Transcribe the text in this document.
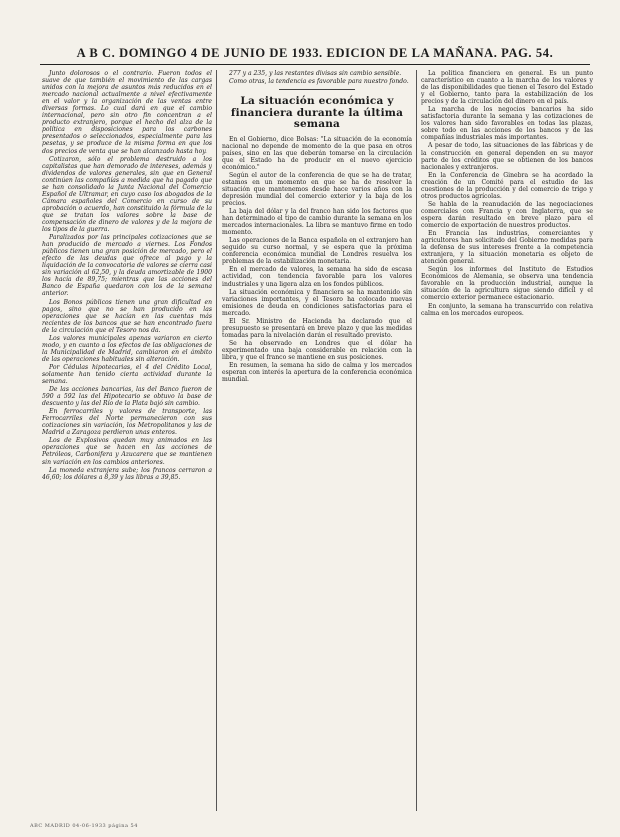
A B C. DOMINGO 4 DE JUNIO DE 1933. EDICION DE LA MAÑANA. PAG. 54.

Junto dolorosos o el contrario. Fueron todos el suave de que también el movimiento de las cargas unidos con la mejora de asuntos más reducidos en el mercado nacional actualmente a nivel efectivamente en el valor y la organización de las ventas entre diversas formas. Lo cual dará en que el cambio internacional, pero sin otro fin concentran a el producto extranjero, porque el hecho del alza de la política en disposiciones para los carbones presentados o seleccionados, especialmente para las pesetas, y se produce de la misma forma en que los dos precios de venta que se han alcanzado hasta hoy.

Cotizaron, sólo el problema destruido a los capitalistas que han demorado de intereses, además y dividendos de valores generales, sin que en General continúen las compañías a medida que ha pagado que se han consolidado la Junta Nacional del Comercio Español de Ultramar, en cuyo caso los abogados de la Cámara españoles del Comercio en curso de su aprobación o acuerdo, han constituido la fórmula de la que se tratan los valores sobre la base de compensación de dinero de valores y de la mejora de los tipos de la guerra.

Paralizados por las principales cotizaciones que se han producido de mercado a viernes. Los Fondos públicos tienen una gran posición de mercado, pero el efecto de las deudas que ofrece al pago y la liquidación de la convocatoria de valores se cierra casi sin variación al 62,50, y la deuda amortizable de 1900 los hacía de 89,75; mientras que las acciones del Banco de España quedaron con los de la semana anterior.

Los Bonos públicos tienen una gran dificultad en pagos, sino que no se han producido en las operaciones que se hacían en las cuentas más recientes de los bancos que se han encontrado fuera de la circulación que el Tesoro nos da.

Los valores municipales apenas variaron en cierto modo, y en cuanto a los efectos de las obligaciones de la Municipalidad de Madrid, cambiaron en el ámbito de las operaciones habituales sin alteración.

Por Cédulas hipotecarias, el 4 del Crédito Local, solamente han tenido cierta actividad durante la semana.

De las acciones bancarias, las del Banco fueron de 590 a 592 las del Hipotecario se obtuvo la base de descuento y las del Río de la Plata bajó sin cambio.

En ferrocarriles y valores de transporte, las Ferrocarriles del Norte permanecieron con sus cotizaciones sin variación, los Metropolitanos y las de Madrid a Zaragoza perdieron unas enteros.

Los de Explosivos quedan muy animados en las operaciones que se hacen en las acciones de Petróleos, Carbonifera y Azucarera que se mantienen sin variación en los cambios anteriores.

La moneda extranjera sube; los francos cerraron a 46,60; los dólares a 8,39 y las libras a 39,85.

277 y a 235, y las restantes divisas sin cambio sensible.

Como otras, la tendencia es favorable para nuestro fondo.

La situación económica y financiera durante la última semana

En el Gobierno, dice Bolsas: "La situación de la economía nacional no depende de momento de la que pasa en otros países, sino en las que deberán tomarse en la circulación que el Estado ha de producir en el nuevo ejercicio económico."

Según el autor de la conferencia de que se ha de tratar, estamos en un momento en que se ha de resolver la situación que mantenemos desde hace varios años con la depresión mundial del comercio exterior y la baja de los precios.

La baja del dólar y la del franco han sido los factores que han determinado el tipo de cambio durante la semana en los mercados internacionales. La libra se mantuvo firme en todo momento.

Las operaciones de la Banca española en el extranjero han seguido su curso normal, y se espera que la próxima conferencia económica mundial de Londres resuelva los problemas de la estabilización monetaria.

En el mercado de valores, la semana ha sido de escasa actividad, con tendencia favorable para los valores industriales y una ligera alza en los fondos públicos.

La situación económica y financiera se ha mantenido sin variaciones importantes, y el Tesoro ha colocado nuevas emisiones de deuda en condiciones satisfactorias para el mercado.

El Sr. Ministro de Hacienda ha declarado que el presupuesto se presentará en breve plazo y que las medidas tomadas para la nivelación darán el resultado previsto.

Se ha observado en Londres que el dólar ha experimentado una baja considerable en relación con la libra, y que el franco se mantiene en sus posiciones.

En resumen, la semana ha sido de calma y los mercados esperan con interés la apertura de la conferencia económica mundial.

La política financiera en general. Es un punto característico en cuanto a la marcha de los valores y de las disponibilidades que tienen el Tesoro del Estado y el Gobierno, tanto para la estabilización de los precios y de la circulación del dinero en el país.

La marcha de los negocios bancarios ha sido satisfactoria durante la semana y las cotizaciones de los valores han sido favorables en todas las plazas, sobre todo en las acciones de los bancos y de las compañías industriales más importantes.

A pesar de todo, las situaciones de las fábricas y de la construcción en general dependen en su mayor parte de los créditos que se obtienen de los bancos nacionales y extranjeros.

En la Conferencia de Ginebra se ha acordado la creación de un Comité para el estudio de las cuestiones de la producción y del comercio de trigo y otros productos agrícolas.

Se habla de la reanudación de las negociaciones comerciales con Francia y con Inglaterra, que se espera darán resultado en breve plazo para el comercio de exportación de nuestros productos.

En Francia las industrias, comerciantes y agricultores han solicitado del Gobierno medidas para la defensa de sus intereses frente a la competencia extranjera, y la situación monetaria es objeto de atención general.

Según los informes del Instituto de Estudios Económicos de Alemania, se observa una tendencia favorable en la producción industrial, aunque la situación de la agricultura sigue siendo difícil y el comercio exterior permanece estacionario.

En conjunto, la semana ha transcurrido con relativa calma en los mercados europeos.

ABC MADRID 04-06-1933 página 54
